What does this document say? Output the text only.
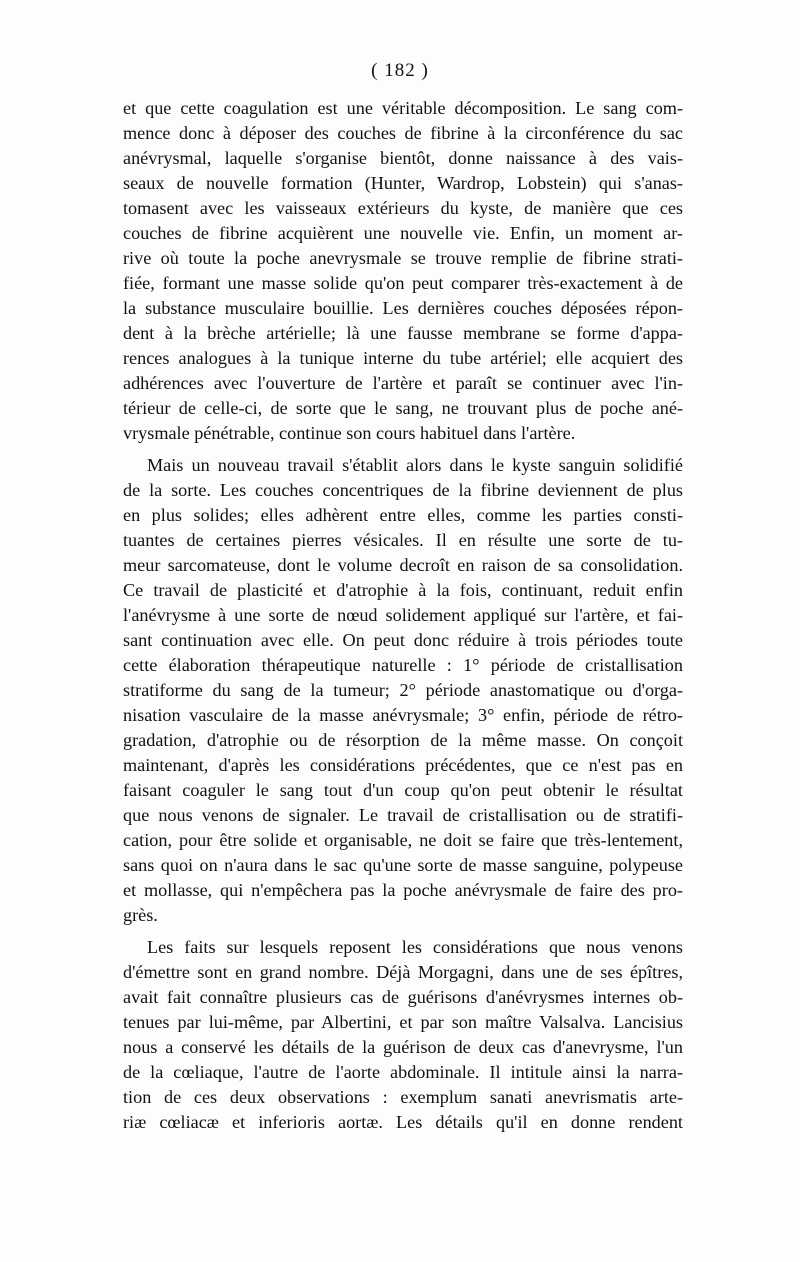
( 182 )
et que cette coagulation est une véritable décomposition. Le sang com-
mence donc à déposer des couches de fibrine à la circonférence du sac
anévrysmal, laquelle s'organise bientôt, donne naissance à des vais-
seaux de nouvelle formation (Hunter, Wardrop, Lobstein) qui s'anas-
tomasent avec les vaisseaux extérieurs du kyste, de manière que ces
couches de fibrine acquièrent une nouvelle vie. Enfin, un moment ar-
rive où toute la poche anevrysmale se trouve remplie de fibrine strati-
fiée, formant une masse solide qu'on peut comparer très-exactement à de
la substance musculaire bouillie. Les dernières couches déposées répon-
dent à la brèche artérielle; là une fausse membrane se forme d'appa-
rences analogues à la tunique interne du tube artériel; elle acquiert des
adhérences avec l'ouverture de l'artère et paraît se continuer avec l'in-
térieur de celle-ci, de sorte que le sang, ne trouvant plus de poche ané-
vrysmale pénétrable, continue son cours habituel dans l'artère.
Mais un nouveau travail s'établit alors dans le kyste sanguin solidifié
de la sorte. Les couches concentriques de la fibrine deviennent de plus
en plus solides; elles adhèrent entre elles, comme les parties consti-
tuantes de certaines pierres vésicales. Il en résulte une sorte de tu-
meur sarcomateuse, dont le volume decroît en raison de sa consolidation.
Ce travail de plasticité et d'atrophie à la fois, continuant, reduit enfin
l'anévrysme à une sorte de nœud solidement appliqué sur l'artère, et fai-
sant continuation avec elle. On peut donc réduire à trois périodes toute
cette élaboration thérapeutique naturelle : 1° période de cristallisation
stratiforme du sang de la tumeur; 2° période anastomatique ou d'orga-
nisation vasculaire de la masse anévrysmale; 3° enfin, période de rétro-
gradation, d'atrophie ou de résorption de la même masse. On conçoit
maintenant, d'après les considérations précédentes, que ce n'est pas en
faisant coaguler le sang tout d'un coup qu'on peut obtenir le résultat
que nous venons de signaler. Le travail de cristallisation ou de stratifi-
cation, pour être solide et organisable, ne doit se faire que très-lentement,
sans quoi on n'aura dans le sac qu'une sorte de masse sanguine, polypeuse
et mollasse, qui n'empêchera pas la poche anévrysmale de faire des pro-
grès.
Les faits sur lesquels reposent les considérations que nous venons
d'émettre sont en grand nombre. Déjà Morgagni, dans une de ses épîtres,
avait fait connaître plusieurs cas de guérisons d'anévrysmes internes ob-
tenues par lui-même, par Albertini, et par son maître Valsalva. Lancisius
nous a conservé les détails de la guérison de deux cas d'anevrysme, l'un
de la cœliaque, l'autre de l'aorte abdominale. Il intitule ainsi la narra-
tion de ces deux observations : exemplum sanati anevrismatis arte-
riæ cœliacæ et inferioris aortæ. Les détails qu'il en donne rendent
